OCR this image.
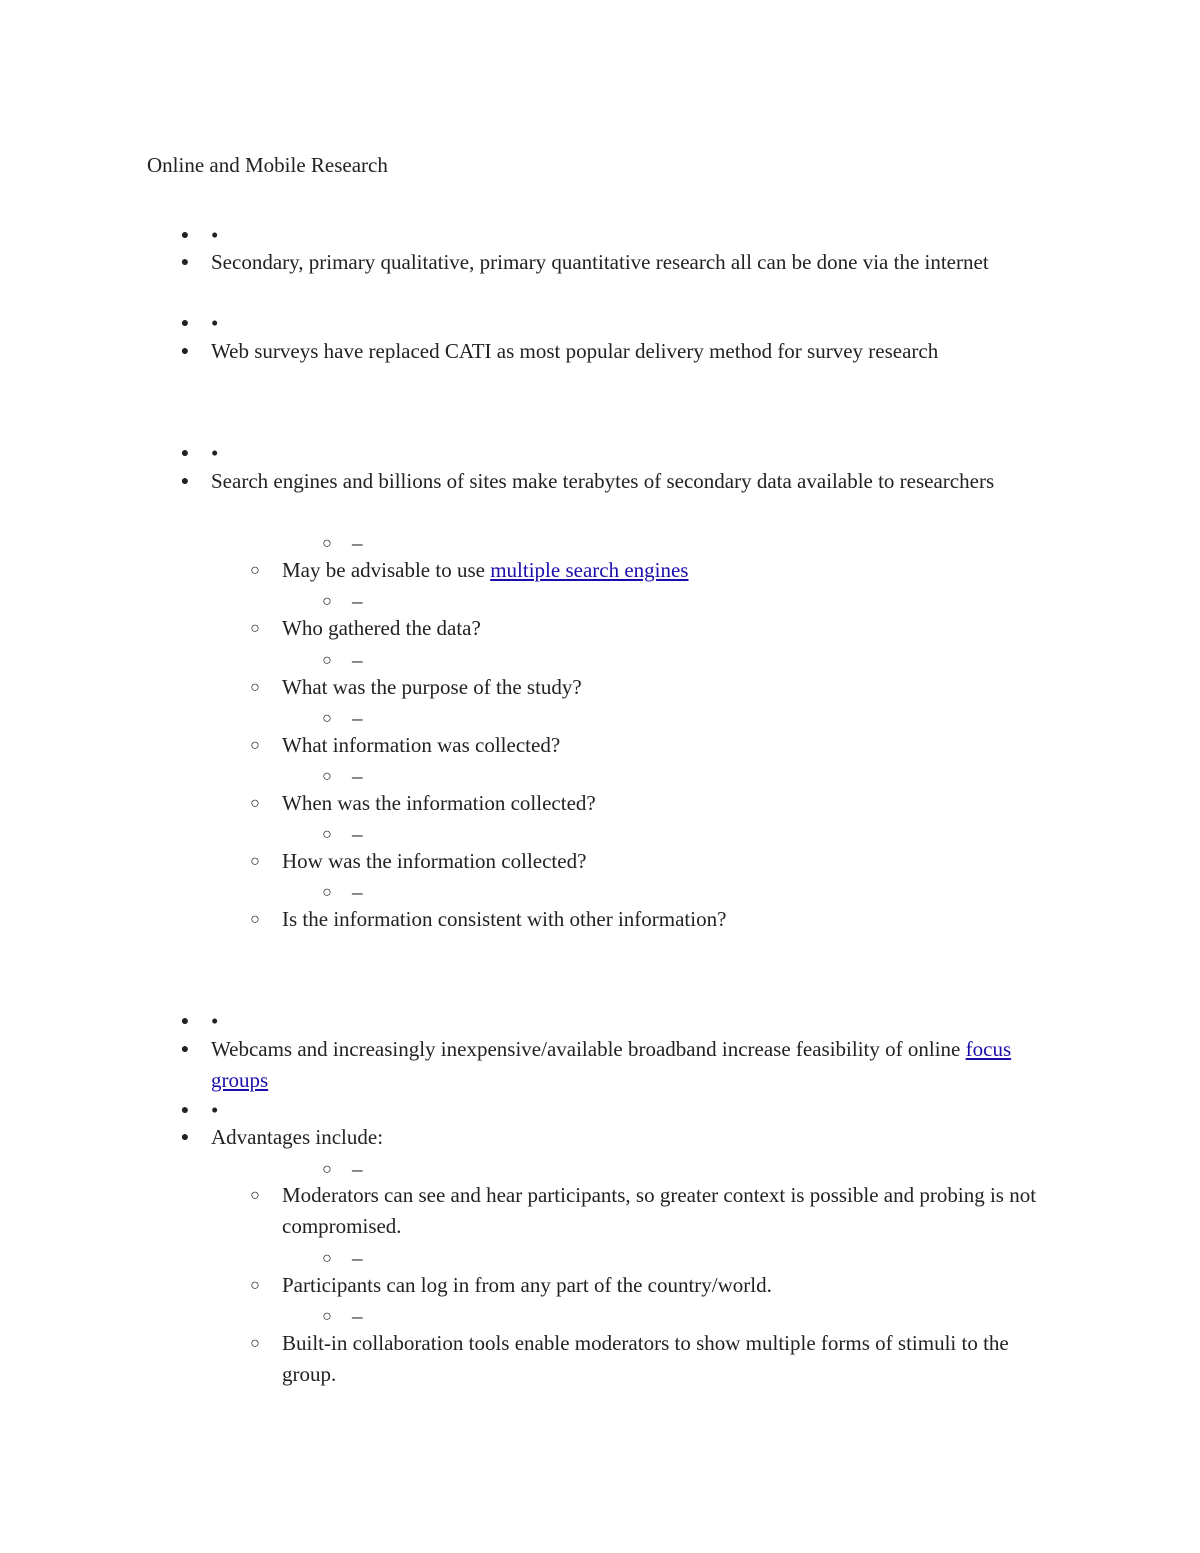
Online and Mobile Research
● •
● Secondary, primary qualitative, primary quantitative research all can be done via the internet
● •
● Web surveys have replaced CATI as most popular delivery method for survey research
● •
● Search engines and billions of sites make terabytes of secondary data available to researchers
○ –
○ May be advisable to use multiple search engines
○ –
○ Who gathered the data?
○ –
○ What was the purpose of the study?
○ –
○ What information was collected?
○ –
○ When was the information collected?
○ –
○ How was the information collected?
○ –
○ Is the information consistent with other information?
● •
● Webcams and increasingly inexpensive/available broadband increase feasibility of online focus groups
● •
● Advantages include:
○ –
○ Moderators can see and hear participants, so greater context is possible and probing is not compromised.
○ –
○ Participants can log in from any part of the country/world.
○ –
○ Built-in collaboration tools enable moderators to show multiple forms of stimuli to the group.
